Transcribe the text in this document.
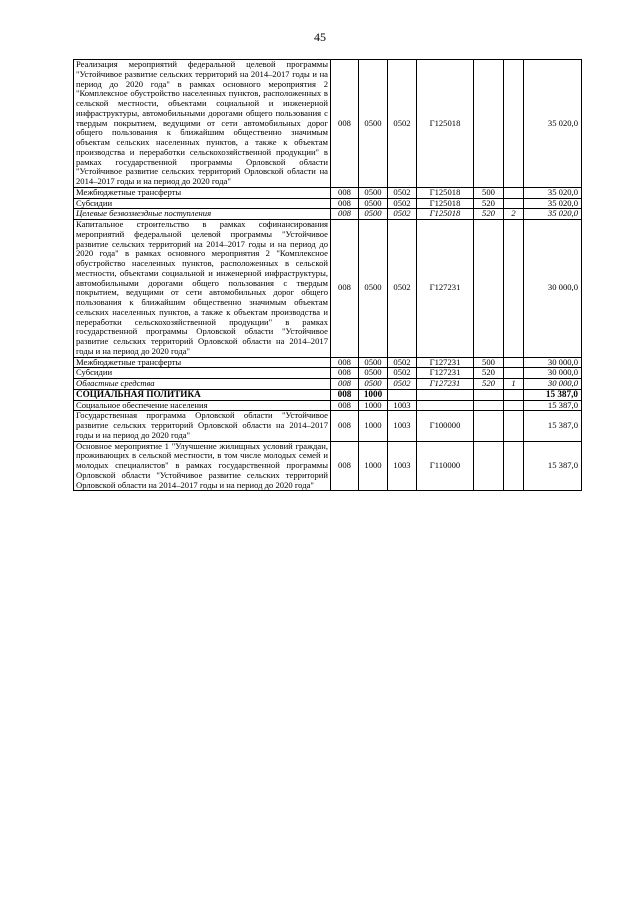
45
Реализация мероприятий федеральной целевой программы "Устойчивое развитие сельских территорий на 2014–2017 годы и на период до 2020 года" в рамках основного мероприятия 2 "Комплексное обустройство населенных пунктов, расположенных в сельской местности, объектами социальной и инженерной инфраструктуры, автомобильными дорогами общего пользования с твердым покрытием, ведущими от сети автомобильных дорог общего пользования к ближайшим общественно значимым объектам сельских населенных пунктов, а также к объектам производства и переработки сельскохозяйственной продукции" в рамках государственной программы Орловской области "Устойчивое развитие сельских территорий Орловской области на 2014–2017 годы и на период до 2020 года"	008	0500	0502	Г125018			35 020,0
Межбюджетные трансферты	008	0500	0502	Г125018	500		35 020,0
Субсидии	008	0500	0502	Г125018	520		35 020,0
Целевые безвозмездные поступления	008	0500	0502	Г125018	520	2	35 020,0
Капитальное строительство в рамках софинансирования мероприятий федеральной целевой программы "Устойчивое развитие сельских территорий на 2014–2017 годы и на период до 2020 года" в рамках основного мероприятия 2 "Комплексное обустройство населенных пунктов, расположенных в сельской местности, объектами социальной и инженерной инфраструктуры, автомобильными дорогами общего пользования с твердым покрытием, ведущими от сети автомобильных дорог общего пользования к ближайшим общественно значимым объектам сельских населенных пунктов, а также к объектам производства и переработки сельскохозяйственной продукции" в рамках государственной программы Орловской области "Устойчивое развитие сельских территорий Орловской области на 2014–2017 годы и на период до 2020 года"	008	0500	0502	Г127231			30 000,0
Межбюджетные трансферты	008	0500	0502	Г127231	500		30 000,0
Субсидии	008	0500	0502	Г127231	520		30 000,0
Областные средства	008	0500	0502	Г127231	520	1	30 000,0
СОЦИАЛЬНАЯ ПОЛИТИКА	008	1000					15 387,0
Социальное обеспечение населения	008	1000	1003				15 387,0
Государственная программа Орловской области "Устойчивое развитие сельских территорий Орловской области на 2014–2017 годы и на период до 2020 года"	008	1000	1003	Г100000			15 387,0
Основное мероприятие 1 "Улучшение жилищных условий граждан, проживающих в сельской местности, в том числе молодых семей и молодых специалистов" в рамках государственной программы Орловской области "Устойчивое развитие сельских территорий Орловской области на 2014–2017 годы и на период до 2020 года"	008	1000	1003	Г110000			15 387,0
